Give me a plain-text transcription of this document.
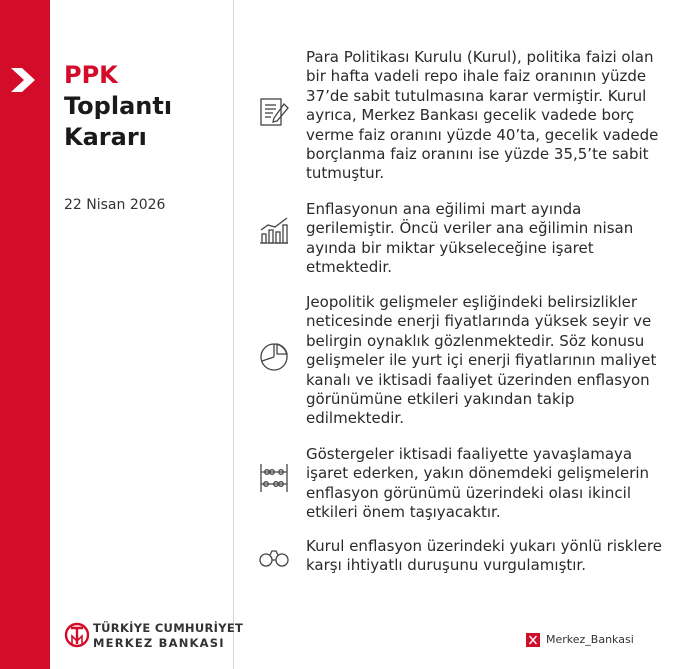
PPK
Toplantı
Kararı
22 Nisan 2026
Para Politikası Kurulu (Kurul), politika faizi olan bir hafta vadeli repo ihale faiz oranının yüzde 37’de sabit tutulmasına karar vermiştir. Kurul ayrıca, Merkez Bankası gecelik vadede borç verme faiz oranını yüzde 40’ta, gecelik vadede borçlanma faiz oranını ise yüzde 35,5’te sabit tutmuştur.
Enflasyonun ana eğilimi mart ayında gerilemiştir. Öncü veriler ana eğilimin nisan ayında bir miktar yükseleceğine işaret etmektedir.
Jeopolitik gelişmeler eşliğindeki belirsizlikler neticesinde enerji fiyatlarında yüksek seyir ve belirgin oynaklık gözlenmektedir. Söz konusu gelişmeler ile yurt içi enerji fiyatlarının maliyet kanalı ve iktisadi faaliyet üzerinden enflasyon görünümüne etkileri yakından takip edilmektedir.
Göstergeler iktisadi faaliyette yavaşlamaya işaret ederken, yakın dönemdeki gelişmelerin enflasyon görünümü üzerindeki olası ikincil etkileri önem taşıyacaktır.
Kurul enflasyon üzerindeki yukarı yönlü risklere karşı ihtiyatlı duruşunu vurgulamıştır.
TÜRKİYE CUMHURİYET
MERKEZ BANKASI	Merkez_Bankasi
